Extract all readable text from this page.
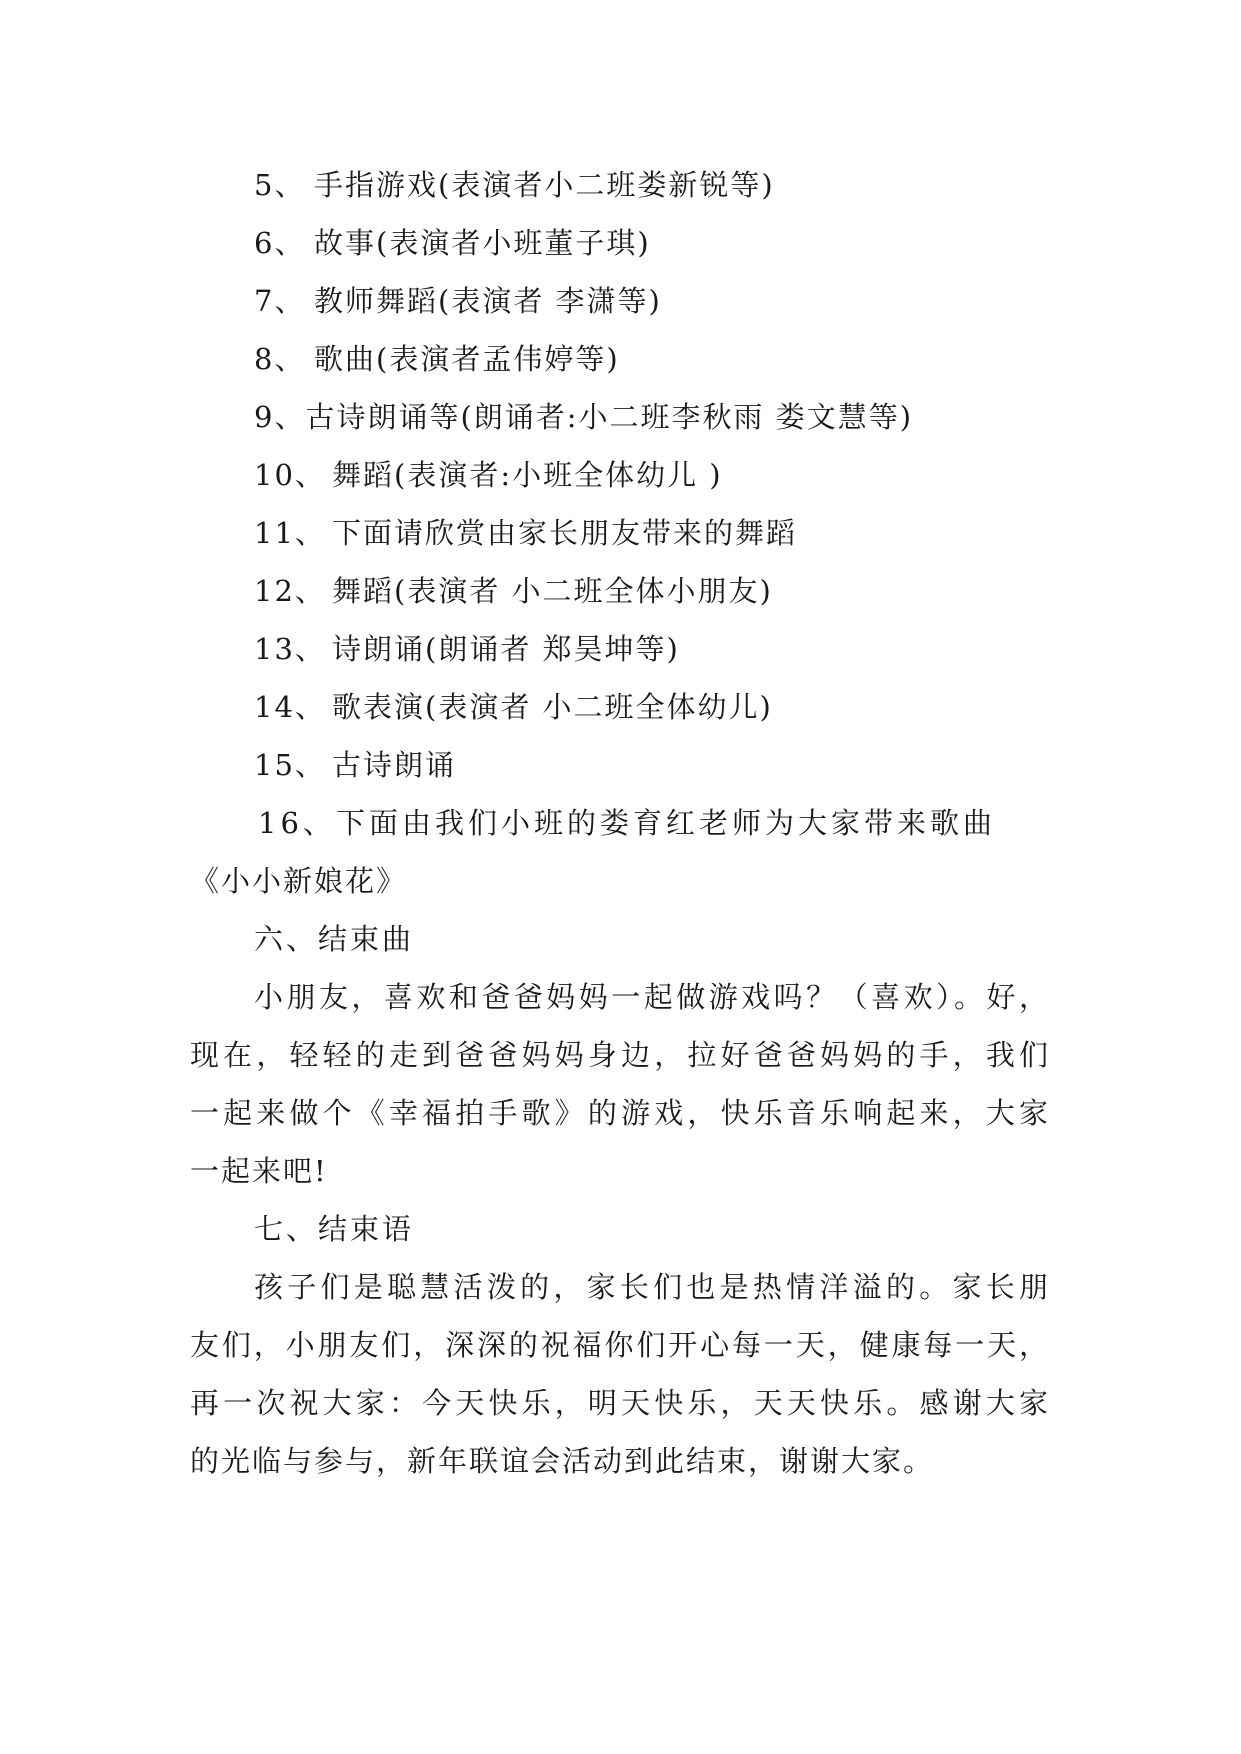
5、 手指游戏(表演者小二班娄新锐等)
6、 故事(表演者小班董子琪)
7、 教师舞蹈(表演者 李潇等)
8、 歌曲(表演者孟伟婷等)
9、古诗朗诵等(朗诵者:小二班李秋雨 娄文慧等)
10、 舞蹈(表演者:小班全体幼儿 )
11、 下面请欣赏由家长朋友带来的舞蹈
12、 舞蹈(表演者 小二班全体小朋友)
13、 诗朗诵(朗诵者 郑昊坤等)
14、 歌表演(表演者 小二班全体幼儿)
15、 古诗朗诵
16、下面由我们小班的娄育红老师为大家带来歌曲
《小小新娘花》
六、结束曲
小朋友，喜欢和爸爸妈妈一起做游戏吗？（喜欢）。好，
现在，轻轻的走到爸爸妈妈身边，拉好爸爸妈妈的手，我们
一起来做个《幸福拍手歌》的游戏，快乐音乐响起来，大家
一起来吧!
七、结束语
孩子们是聪慧活泼的，家长们也是热情洋溢的。家长朋
友们，小朋友们，深深的祝福你们开心每一天，健康每一天，
再一次祝大家：今天快乐，明天快乐，天天快乐。感谢大家
的光临与参与，新年联谊会活动到此结束，谢谢大家。
